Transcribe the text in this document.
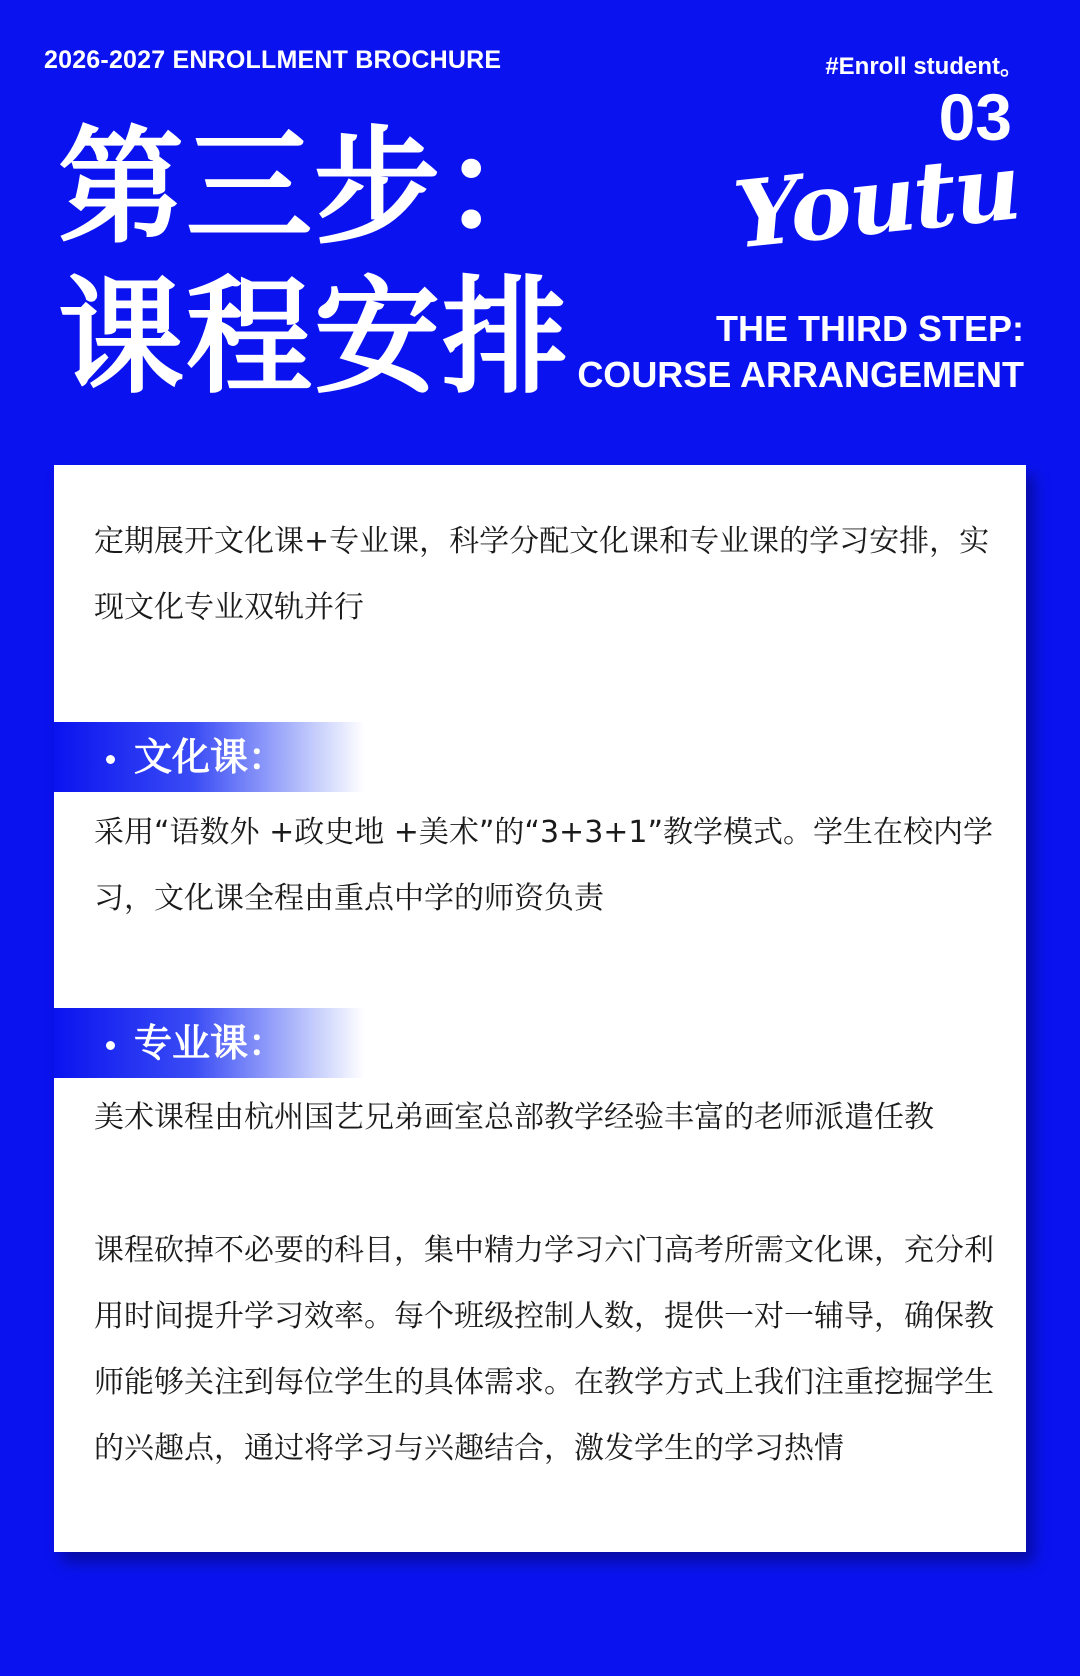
2026-2027 ENROLLMENT BROCHURE	#Enroll student。
03
Youtu
第三步：
课程安排	THE THIRD STEP:
COURSE ARRANGEMENT

定期展开文化课+专业课，科学分配文化课和专业课的学习安排，实现文化专业双轨并行

文化课：

采用“语数外 +政史地 +美术”的“3+3+1”教学模式。学生在校内学习，文化课全程由重点中学的师资负责

专业课：

美术课程由杭州国艺兄弟画室总部教学经验丰富的老师派遣任教

课程砍掉不必要的科目，集中精力学习六门高考所需文化课，充分利用时间提升学习效率。每个班级控制人数，提供一对一辅导，确保教师能够关注到每位学生的具体需求。在教学方式上我们注重挖掘学生的兴趣点，通过将学习与兴趣结合，激发学生的学习热情
